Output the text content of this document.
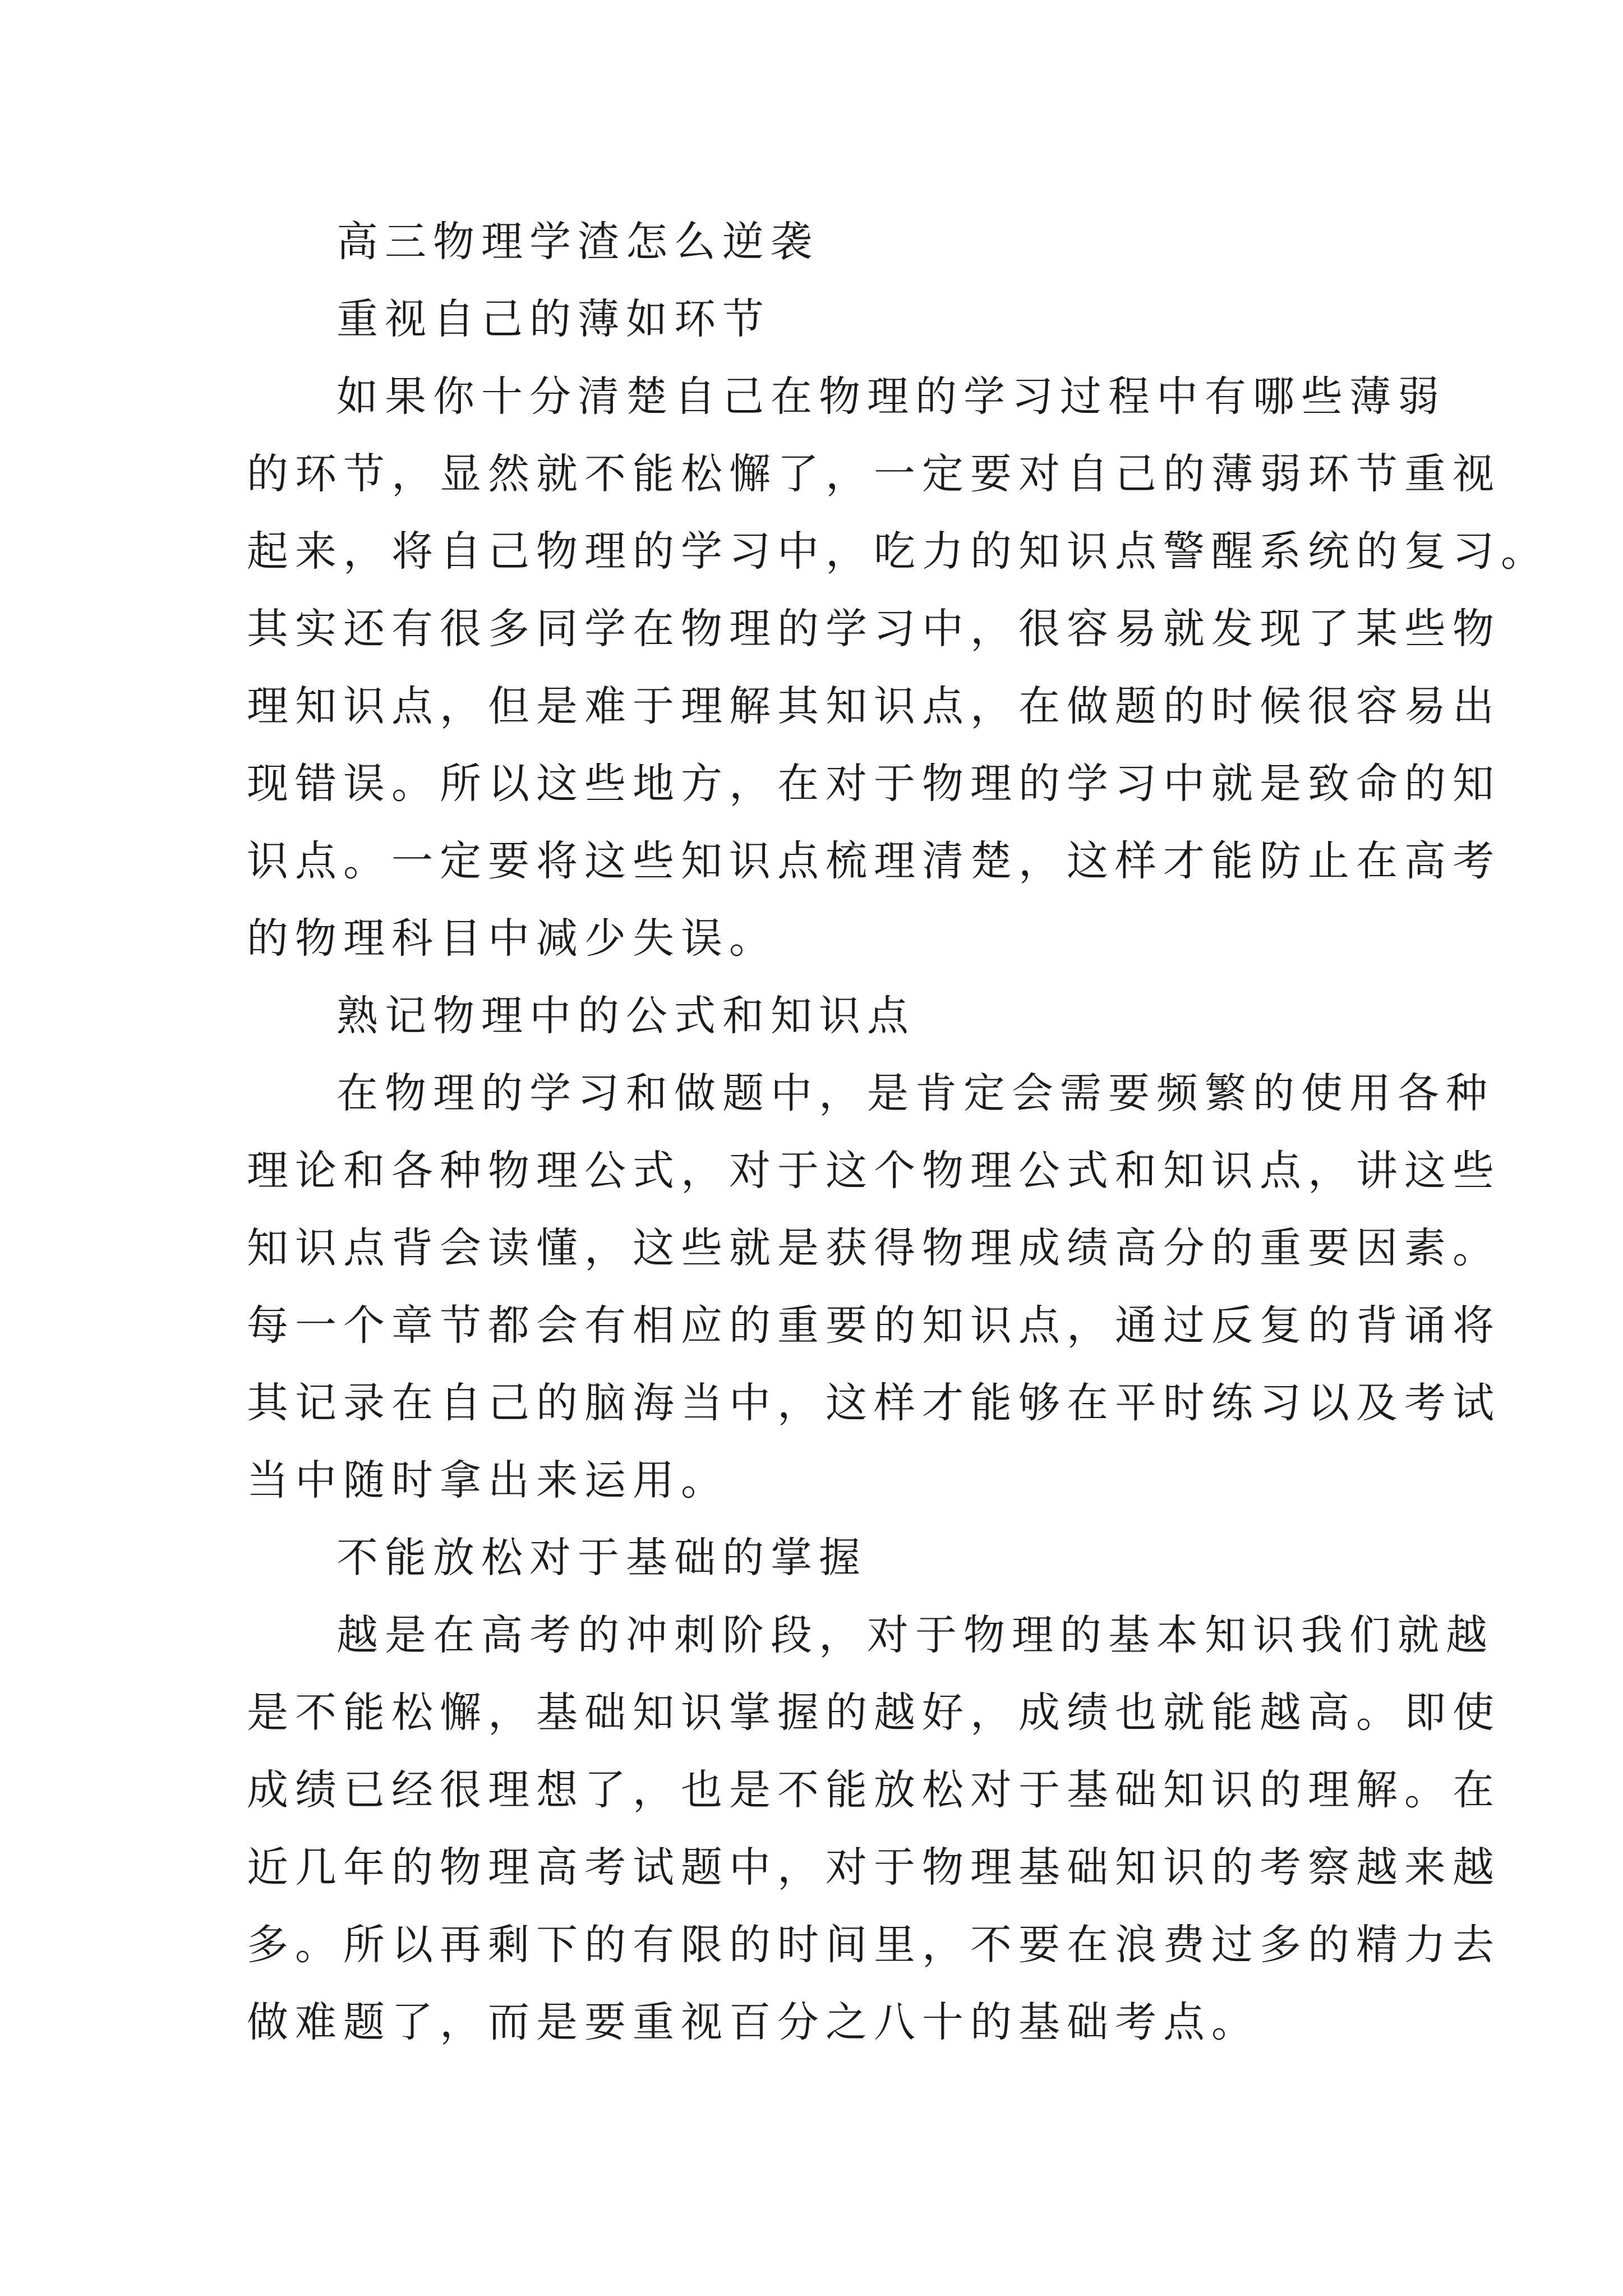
高三物理学渣怎么逆袭

重视自己的薄如环节

如果你十分清楚自己在物理的学习过程中有哪些薄弱

的环节，显然就不能松懈了，一定要对自己的薄弱环节重视

起来，将自己物理的学习中，吃力的知识点警醒系统的复习。

其实还有很多同学在物理的学习中，很容易就发现了某些物

理知识点，但是难于理解其知识点，在做题的时候很容易出

现错误。所以这些地方，在对于物理的学习中就是致命的知

识点。一定要将这些知识点梳理清楚，这样才能防止在高考

的物理科目中减少失误。

熟记物理中的公式和知识点

在物理的学习和做题中，是肯定会需要频繁的使用各种

理论和各种物理公式，对于这个物理公式和知识点，讲这些

知识点背会读懂，这些就是获得物理成绩高分的重要因素。

每一个章节都会有相应的重要的知识点，通过反复的背诵将

其记录在自己的脑海当中，这样才能够在平时练习以及考试

当中随时拿出来运用。

不能放松对于基础的掌握

越是在高考的冲刺阶段，对于物理的基本知识我们就越

是不能松懈，基础知识掌握的越好，成绩也就能越高。即使

成绩已经很理想了，也是不能放松对于基础知识的理解。在

近几年的物理高考试题中，对于物理基础知识的考察越来越

多。所以再剩下的有限的时间里，不要在浪费过多的精力去

做难题了，而是要重视百分之八十的基础考点。
